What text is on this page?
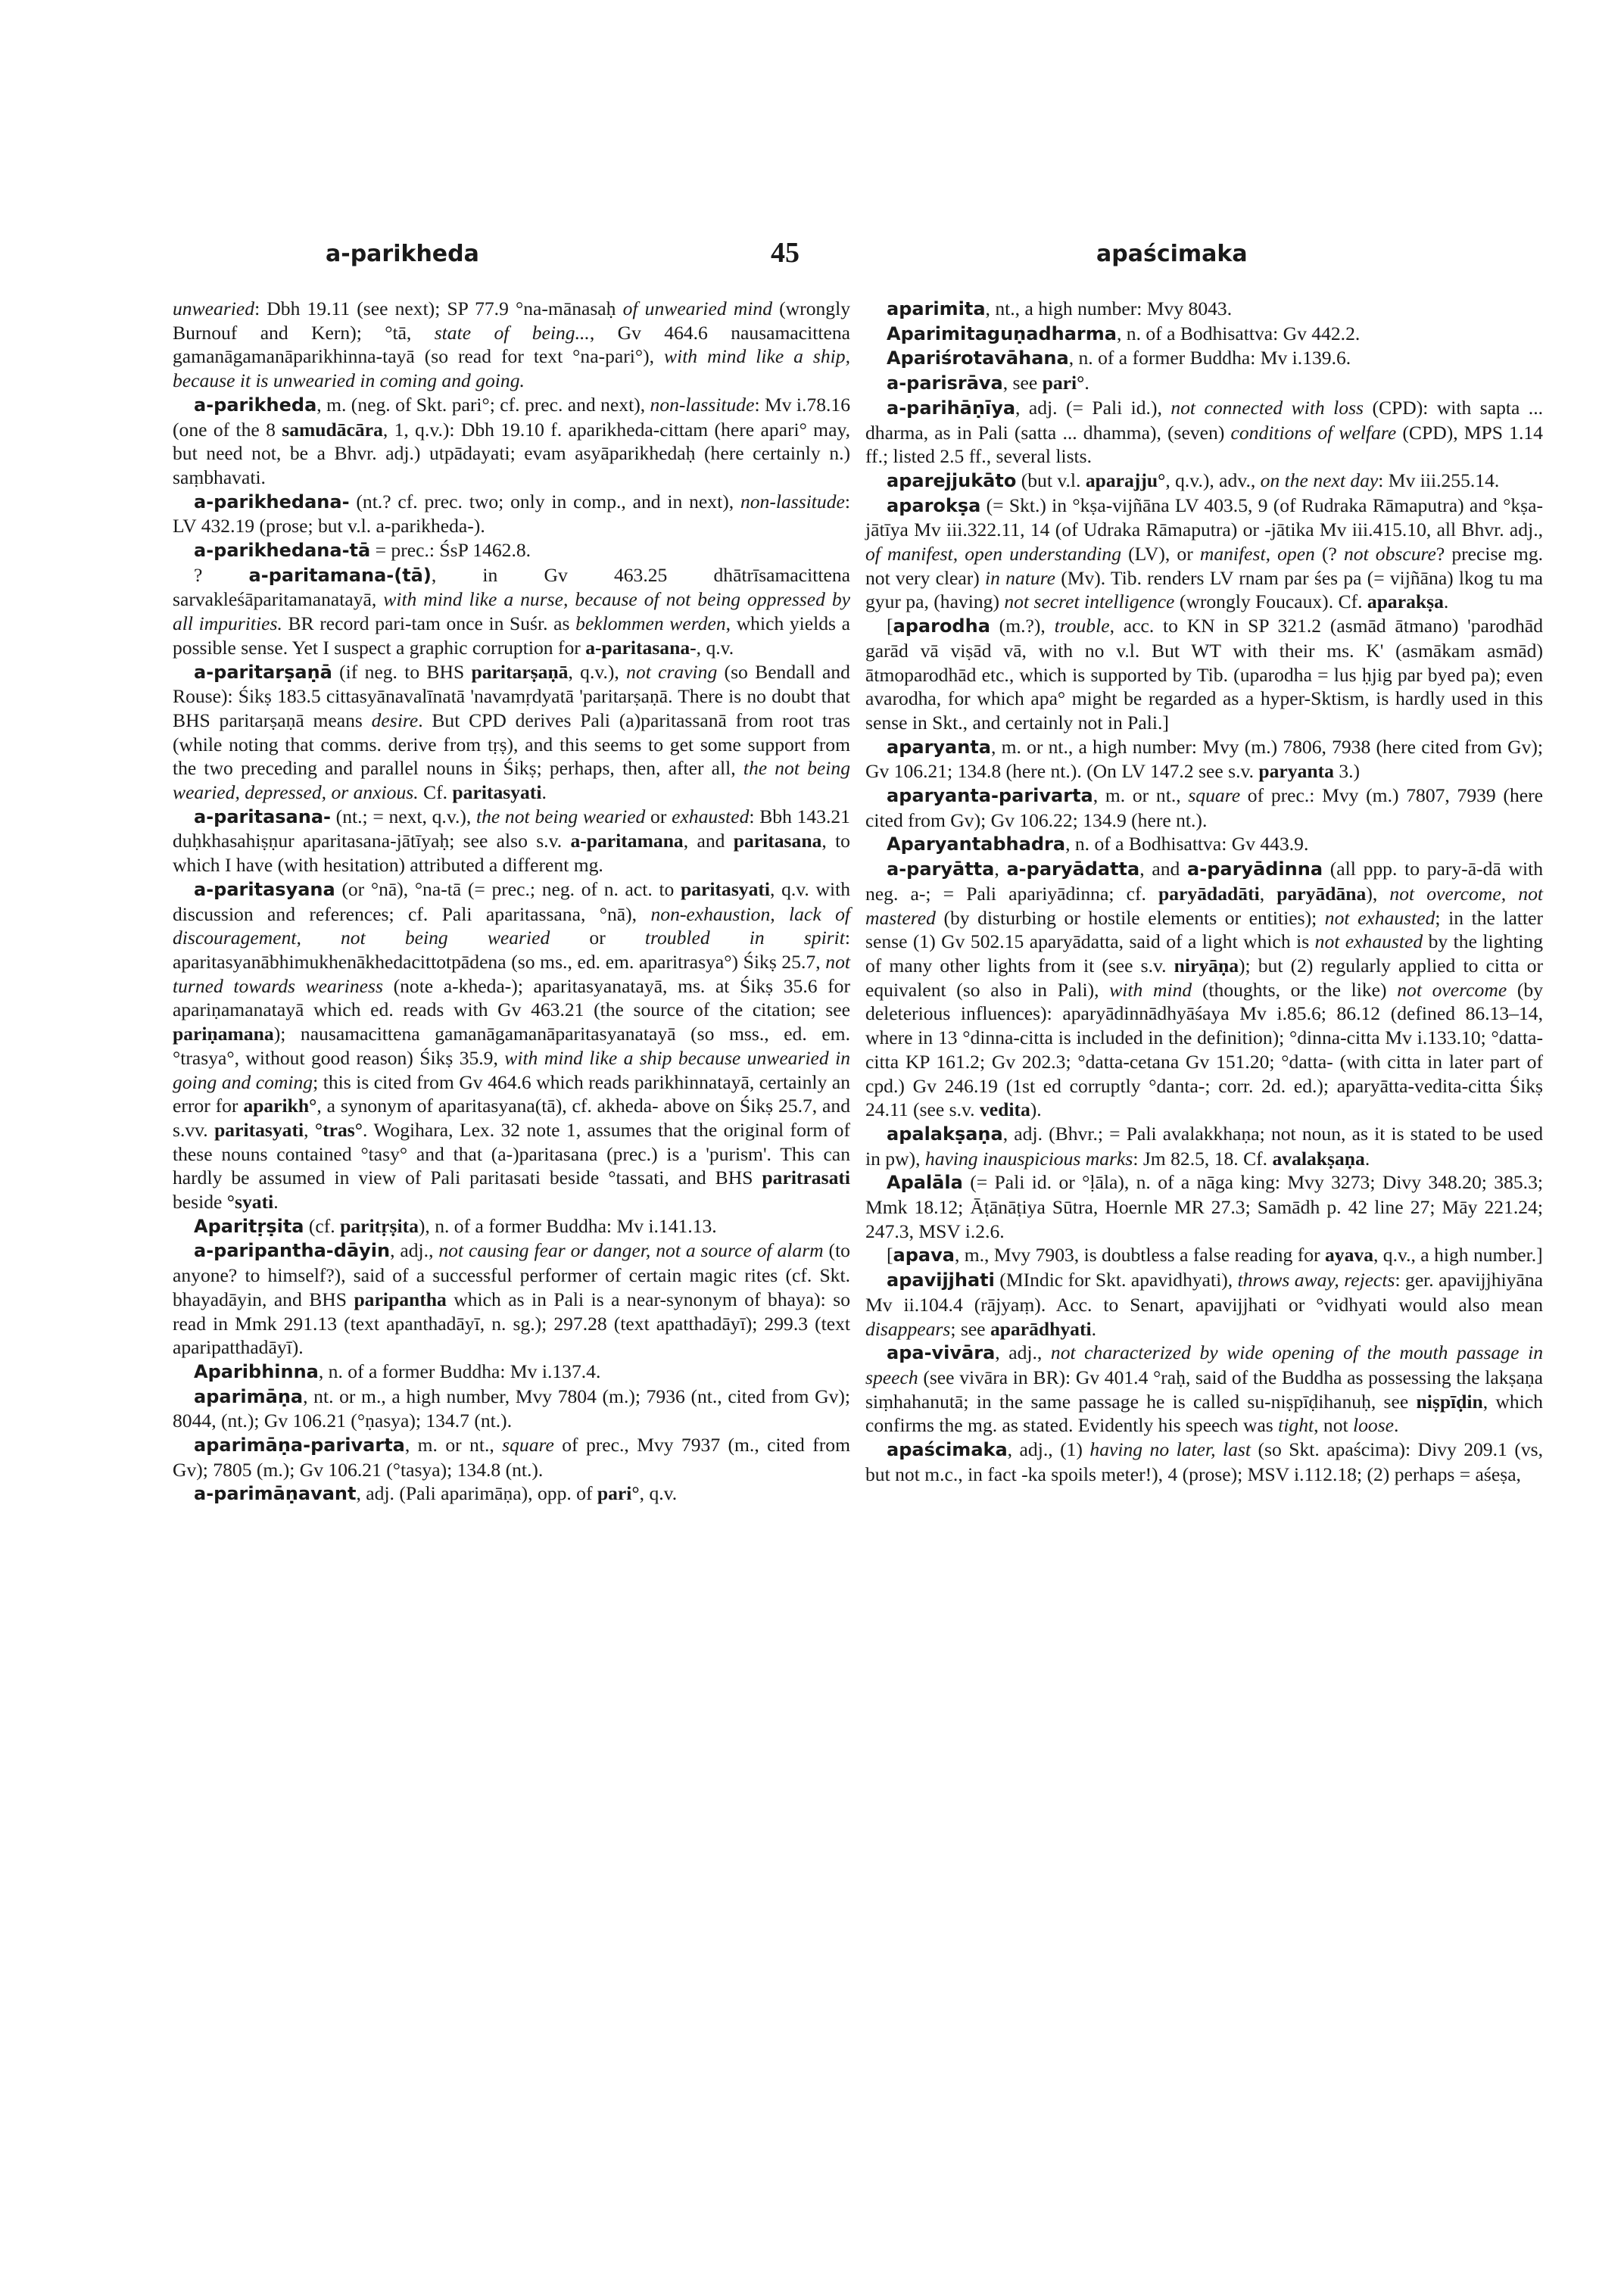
a-parikheda	45	apaścimaka

unwearied: Dbh 19.11 (see next); SP 77.9 °na-mānasaḥ of unwearied mind (wrongly Burnouf and Kern); °tā, state of being..., Gv 464.6 nausamacittena gamanāgamanāparikhinna-tayā (so read for text °na-pari°), with mind like a ship, because it is unwearied in coming and going.

a-parikheda, m. (neg. of Skt. pari°; cf. prec. and next), non-lassitude: Mv i.78.16 (one of the 8 samudācāra, 1, q.v.): Dbh 19.10 f. aparikheda-cittam (here apari° may, but need not, be a Bhvr. adj.) utpādayati; evam asyāparikhedaḥ (here certainly n.) saṃbhavati.

a-parikhedana- (nt.? cf. prec. two; only in comp., and in next), non-lassitude: LV 432.19 (prose; but v.l. a-parikheda-).

a-parikhedana-tā = prec.: ŚsP 1462.8.

? a-paritamana-(tā), in Gv 463.25 dhātrīsamacittena sarvakleśāparitamanatayā, with mind like a nurse, because of not being oppressed by all impurities. BR record pari-tam once in Suśr. as beklommen werden, which yields a possible sense. Yet I suspect a graphic corruption for a-paritasana-, q.v.

a-paritarṣaṇā (if neg. to BHS paritarṣaṇā, q.v.), not craving (so Bendall and Rouse): Śikṣ 183.5 cittasyānavalīnatā 'navamṛdyatā 'paritarṣaṇā. There is no doubt that BHS paritarṣaṇā means desire. But CPD derives Pali (a)paritassanā from root tras (while noting that comms. derive from tṛṣ), and this seems to get some support from the two preceding and parallel nouns in Śikṣ; perhaps, then, after all, the not being wearied, depressed, or anxious. Cf. paritasyati.

a-paritasana- (nt.; = next, q.v.), the not being wearied or exhausted: Bbh 143.21 duḥkhasahiṣṇur aparitasana-jātīyaḥ; see also s.v. a-paritamana, and paritasana, to which I have (with hesitation) attributed a different mg.

a-paritasyana (or °nā), °na-tā (= prec.; neg. of n. act. to paritasyati, q.v. with discussion and references; cf. Pali aparitassana, °nā), non-exhaustion, lack of discouragement, not being wearied or troubled in spirit: aparitasyanābhimukhenākhedacittotpādena (so ms., ed. em. aparitrasya°) Śikṣ 25.7, not turned towards weariness (note a-kheda-); aparitasyanatayā, ms. at Śikṣ 35.6 for apariṇamanatayā which ed. reads with Gv 463.21 (the source of the citation; see pariṇamana); nausamacittena gamanāgamanāparitasyanatayā (so mss., ed. em. °trasya°, without good reason) Śikṣ 35.9, with mind like a ship because unwearied in going and coming; this is cited from Gv 464.6 which reads parikhinnatayā, certainly an error for aparikh°, a synonym of aparitasyana(tā), cf. akheda- above on Śikṣ 25.7, and s.vv. paritasyati, °tras°. Wogihara, Lex. 32 note 1, assumes that the original form of these nouns contained °tasy° and that (a-)paritasana (prec.) is a 'purism'. This can hardly be assumed in view of Pali paritasati beside °tassati, and BHS paritrasati beside °syati.

Aparitṛṣita (cf. paritṛṣita), n. of a former Buddha: Mv i.141.13.

a-paripantha-dāyin, adj., not causing fear or danger, not a source of alarm (to anyone? to himself?), said of a successful performer of certain magic rites (cf. Skt. bhayadāyin, and BHS paripantha which as in Pali is a near-synonym of bhaya): so read in Mmk 291.13 (text apanthadāyī, n. sg.); 297.28 (text apatthadāyī); 299.3 (text aparipatthadāyī).

Aparibhinna, n. of a former Buddha: Mv i.137.4.

aparimāṇa, nt. or m., a high number, Mvy 7804 (m.); 7936 (nt., cited from Gv); 8044, (nt.); Gv 106.21 (°ṇasya); 134.7 (nt.).

aparimāṇa-parivarta, m. or nt., square of prec., Mvy 7937 (m., cited from Gv); 7805 (m.); Gv 106.21 (°tasya); 134.8 (nt.).

a-parimāṇavant, adj. (Pali aparimāṇa), opp. of pari°, q.v.

aparimita, nt., a high number: Mvy 8043.

Aparimitaguṇadharma, n. of a Bodhisattva: Gv 442.2.

Apariśrotavāhana, n. of a former Buddha: Mv i.139.6.

a-parisrāva, see pari°.

a-parihāṇīya, adj. (= Pali id.), not connected with loss (CPD): with sapta ... dharma, as in Pali (satta ... dhamma), (seven) conditions of welfare (CPD), MPS 1.14 ff.; listed 2.5 ff., several lists.

aparejjukāto (but v.l. aparajju°, q.v.), adv., on the next day: Mv iii.255.14.

aparokṣa (= Skt.) in °kṣa-vijñāna LV 403.5, 9 (of Rudraka Rāmaputra) and °kṣa-jātīya Mv iii.322.11, 14 (of Udraka Rāmaputra) or -jātika Mv iii.415.10, all Bhvr. adj., of manifest, open understanding (LV), or manifest, open (? not obscure? precise mg. not very clear) in nature (Mv). Tib. renders LV rnam par śes pa (= vijñāna) lkog tu ma gyur pa, (having) not secret intelligence (wrongly Foucaux). Cf. aparakṣa.

[aparodha (m.?), trouble, acc. to KN in SP 321.2 (asmād ātmano) 'parodhād garād vā viṣād vā, with no v.l. But WT with their ms. K' (asmākam asmād) ātmoparodhād etc., which is supported by Tib. (uparodha = lus ḥjig par byed pa); even avarodha, for which apa° might be regarded as a hyper-Sktism, is hardly used in this sense in Skt., and certainly not in Pali.]

aparyanta, m. or nt., a high number: Mvy (m.) 7806, 7938 (here cited from Gv); Gv 106.21; 134.8 (here nt.). (On LV 147.2 see s.v. paryanta 3.)

aparyanta-parivarta, m. or nt., square of prec.: Mvy (m.) 7807, 7939 (here cited from Gv); Gv 106.22; 134.9 (here nt.).

Aparyantabhadra, n. of a Bodhisattva: Gv 443.9.

a-paryātta, a-paryādatta, and a-paryādinna (all ppp. to pary-ā-dā with neg. a-; = Pali apariyādinna; cf. paryādadāti, paryādāna), not overcome, not mastered (by disturbing or hostile elements or entities); not exhausted; in the latter sense (1) Gv 502.15 aparyādatta, said of a light which is not exhausted by the lighting of many other lights from it (see s.v. niryāṇa); but (2) regularly applied to citta or equivalent (so also in Pali), with mind (thoughts, or the like) not overcome (by deleterious influences): aparyādinnādhyāśaya Mv i.85.6; 86.12 (defined 86.13–14, where in 13 °dinna-citta is included in the definition); °dinna-citta Mv i.133.10; °datta-citta KP 161.2; Gv 202.3; °datta-cetana Gv 151.20; °datta- (with citta in later part of cpd.) Gv 246.19 (1st ed corruptly °danta-; corr. 2d. ed.); aparyātta-vedita-citta Śikṣ 24.11 (see s.v. vedita).

apalakṣaṇa, adj. (Bhvr.; = Pali avalakkhaṇa; not noun, as it is stated to be used in pw), having inauspicious marks: Jm 82.5, 18. Cf. avalakṣaṇa.

Apalāla (= Pali id. or °ḷāla), n. of a nāga king: Mvy 3273; Divy 348.20; 385.3; Mmk 18.12; Āṭānāṭiya Sūtra, Hoernle MR 27.3; Samādh p. 42 line 27; Māy 221.24; 247.3, MSV i.2.6.

[apava, m., Mvy 7903, is doubtless a false reading for ayava, q.v., a high number.]

apavijjhati (MIndic for Skt. apavidhyati), throws away, rejects: ger. apavijjhiyāna Mv ii.104.4 (rājyaṃ). Acc. to Senart, apavijjhati or °vidhyati would also mean disappears; see aparādhyati.

apa-vivāra, adj., not characterized by wide opening of the mouth passage in speech (see vivāra in BR): Gv 401.4 °raḥ, said of the Buddha as possessing the lakṣaṇa siṃhahanutā; in the same passage he is called su-niṣpīḍihanuḥ, see niṣpīḍin, which confirms the mg. as stated. Evidently his speech was tight, not loose.

apaścimaka, adj., (1) having no later, last (so Skt. apaścima): Divy 209.1 (vs, but not m.c., in fact -ka spoils meter!), 4 (prose); MSV i.112.18; (2) perhaps = aśeṣa,
